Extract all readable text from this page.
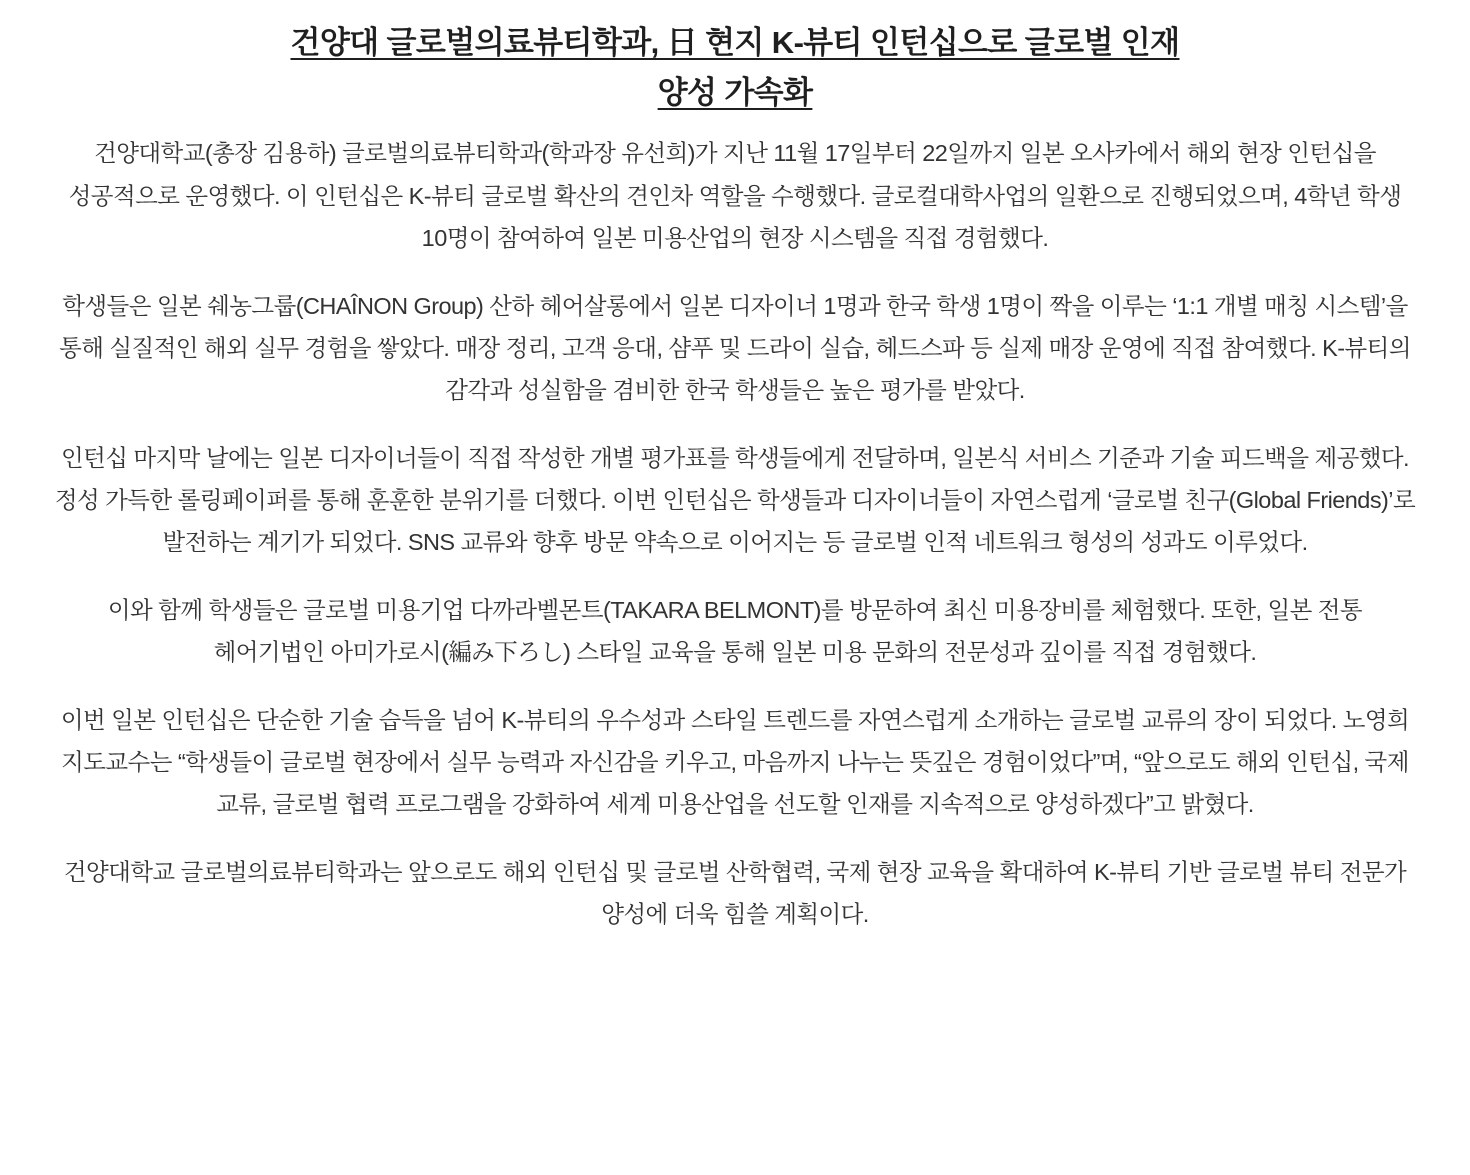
건양대 글로벌의료뷰티학과, 日 현지 K-뷰티 인턴십으로 글로벌 인재
양성 가속화

건양대학교(총장 김용하) 글로벌의료뷰티학과(학과장 유선희)가 지난 11월 17일부터 22일까지 일본 오사카에서 해외 현장 인턴십을 성공적으로 운영했다. 이 인턴십은 K-뷰티 글로벌 확산의 견인차 역할을 수행했다. 글로컬대학사업의 일환으로 진행되었으며, 4학년 학생 10명이 참여하여 일본 미용산업의 현장 시스템을 직접 경험했다.

학생들은 일본 쉐농그룹(CHAÎNON Group) 산하 헤어살롱에서 일본 디자이너 1명과 한국 학생 1명이 짝을 이루는 ‘1:1 개별 매칭 시스템’을 통해 실질적인 해외 실무 경험을 쌓았다. 매장 정리, 고객 응대, 샴푸 및 드라이 실습, 헤드스파 등 실제 매장 운영에 직접 참여했다. K-뷰티의 감각과 성실함을 겸비한 한국 학생들은 높은 평가를 받았다.

인턴십 마지막 날에는 일본 디자이너들이 직접 작성한 개별 평가표를 학생들에게 전달하며, 일본식 서비스 기준과 기술 피드백을 제공했다. 정성 가득한 롤링페이퍼를 통해 훈훈한 분위기를 더했다. 이번 인턴십은 학생들과 디자이너들이 자연스럽게 ‘글로벌 친구(Global Friends)’로 발전하는 계기가 되었다. SNS 교류와 향후 방문 약속으로 이어지는 등 글로벌 인적 네트워크 형성의 성과도 이루었다.

이와 함께 학생들은 글로벌 미용기업 다까라벨몬트(TAKARA BELMONT)를 방문하여 최신 미용장비를 체험했다. 또한, 일본 전통 헤어기법인 아미가로시(編み下ろし) 스타일 교육을 통해 일본 미용 문화의 전문성과 깊이를 직접 경험했다.

이번 일본 인턴십은 단순한 기술 습득을 넘어 K-뷰티의 우수성과 스타일 트렌드를 자연스럽게 소개하는 글로벌 교류의 장이 되었다. 노영희 지도교수는 “학생들이 글로벌 현장에서 실무 능력과 자신감을 키우고, 마음까지 나누는 뜻깊은 경험이었다”며, “앞으로도 해외 인턴십, 국제 교류, 글로벌 협력 프로그램을 강화하여 세계 미용산업을 선도할 인재를 지속적으로 양성하겠다”고 밝혔다.

건양대학교 글로벌의료뷰티학과는 앞으로도 해외 인턴십 및 글로벌 산학협력, 국제 현장 교육을 확대하여 K-뷰티 기반 글로벌 뷰티 전문가 양성에 더욱 힘쓸 계획이다.
